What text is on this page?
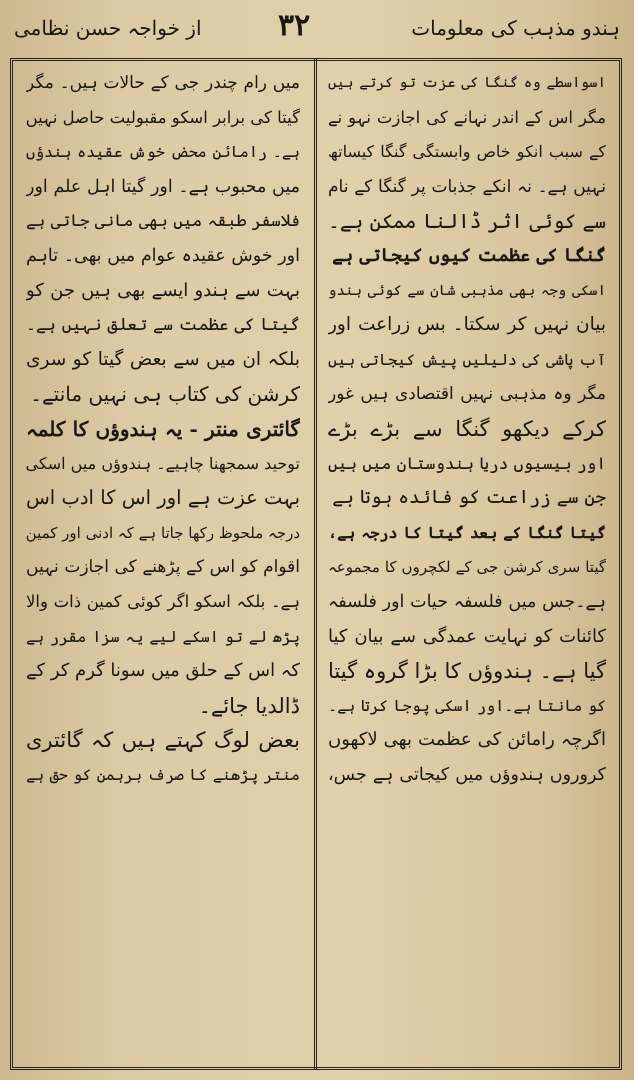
از خواجہ حسن نظامی	۳۲	ہندو مذہب کی معلومات
اسواسطے وہ گنگا کی عزت تو کرتے ہیں
مگر اس کے اندر نہانے کی اجازت نہو نے
کے سبب انکو خاص وابستگی گنگا کیساتھ
نہیں ہے۔ نہ انکے جذبات پر گنگا کے نام
سے کوئی اثر ڈالنا ممکن ہے۔
گنگا کی عظمت کیوں کیجاتی ہے
اسکی وجہ بھی مذہبی شان سے کوئی ہندو
بیان نہیں کر سکتا۔ بس زراعت اور
آب پاشی کی دلیلیں پیش کیجاتی ہیں
مگر وہ مذہبی نہیں اقتصادی ہیں غور
کرکے دیکھو گنگا سے بڑے بڑے
اور بیسیوں دریا ہندوستان میں ہیں
جن سے زراعت کو فائدہ ہوتا ہے
گیتا گنگا کے بعد گیتا کا درجہ ہے،
گیتا سری کرشن جی کے لکچروں کا مجموعہ
ہے۔جس میں فلسفہ حیات اور فلسفہ
کائنات کو نہایت عمدگی سے بیان کیا
گیا ہے۔ ہندوؤں کا بڑا گروہ گیتا
کو مانتا ہے۔اور اسکی پوجا کرتا ہے۔
اگرچہ رامائن کی عظمت بھی لاکھوں
کروروں ہندوؤں میں کیجاتی ہے جس،
میں رام چندر جی کے حالات ہیں۔ مگر
گیتا کی برابر اسکو مقبولیت حاصل نہیں
ہے۔ رامائن محض خوش عقیدہ ہندؤں
میں محبوب ہے۔ اور گیتا اہل علم اور
فلاسفر طبقہ میں بھی مانی جاتی ہے
اور خوش عقیدہ عوام میں بھی۔ تاہم
بہت سے ہندو ایسے بھی ہیں جن کو
گیتا کی عظمت سے تعلق نہیں ہے۔
بلکہ ان میں سے بعض گیتا کو سری
کرشن کی کتاب ہی نہیں مانتے۔
گائتری منتر - یہ ہندوؤں کا کلمہ
توحید سمجھنا چاہیے۔ ہندوؤں میں اسکی
بہت عزت ہے اور اس کا ادب اس
درجہ ملحوظ رکھا جاتا ہے کہ ادنی اور کمین
اقوام کو اس کے پڑھنے کی اجازت نہیں
ہے۔ بلکہ اسکو اگر کوئی کمین ذات والا
پڑھ لے تو اسکے لیے یہ سزا مقرر ہے
کہ اس کے حلق میں سونا گرم کر کے
ڈالدیا جائے۔
بعض لوگ کہتے ہیں کہ گائتری
منتر پڑھنے کا صرف برہمن کو حق ہے
